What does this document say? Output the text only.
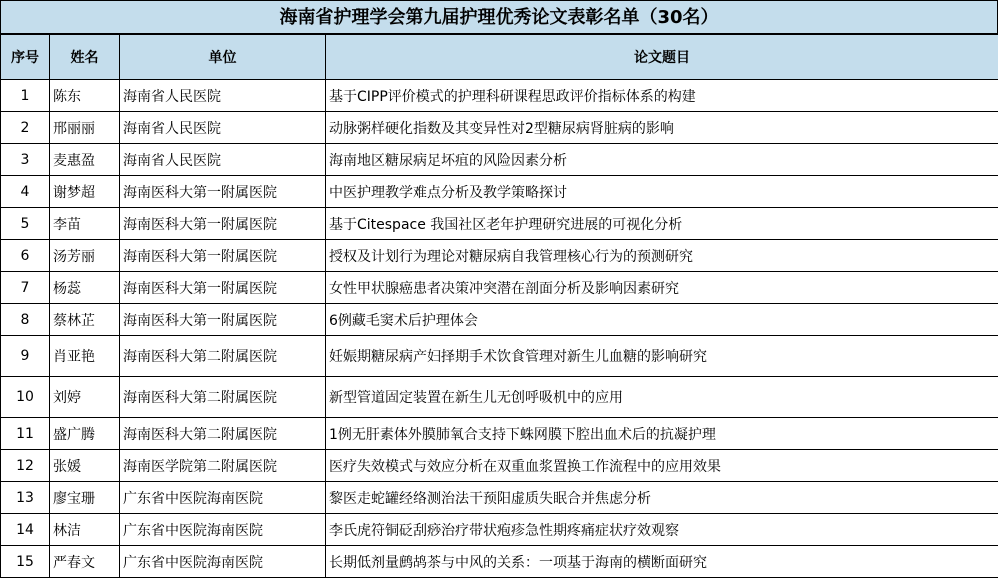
海南省护理学会第九届护理优秀论文表彰名单（30名）
序号	姓名	单位	论文题目
1	陈东	海南省人民医院	基于CIPP评价模式的护理科研课程思政评价指标体系的构建
2	邢丽丽	海南省人民医院	动脉粥样硬化指数及其变异性对2型糖尿病肾脏病的影响
3	麦惠盈	海南省人民医院	海南地区糖尿病足坏疽的风险因素分析
4	谢梦超	海南医科大第一附属医院	中医护理教学难点分析及教学策略探讨
5	李苗	海南医科大第一附属医院	基于Citespace 我国社区老年护理研究进展的可视化分析
6	汤芳丽	海南医科大第一附属医院	授权及计划行为理论对糖尿病自我管理核心行为的预测研究
7	杨蕊	海南医科大第一附属医院	女性甲状腺癌患者决策冲突潜在剖面分析及影响因素研究
8	蔡林芷	海南医科大第一附属医院	6例藏毛窦术后护理体会
9	肖亚艳	海南医科大第二附属医院	妊娠期糖尿病产妇择期手术饮食管理对新生儿血糖的影响研究
10	刘婷	海南医科大第二附属医院	新型管道固定装置在新生儿无创呼吸机中的应用
11	盛广腾	海南医科大第二附属医院	1例无肝素体外膜肺氧合支持下蛛网膜下腔出血术后的抗凝护理
12	张媛	海南医学院第二附属医院	医疗失效模式与效应分析在双重血浆置换工作流程中的应用效果
13	廖宝珊	广东省中医院海南医院	黎医走蛇罐经络测治法干预阳虚质失眠合并焦虑分析
14	林洁	广东省中医院海南医院	李氏虎符铜砭刮痧治疗带状疱疹急性期疼痛症状疗效观察
15	严春文	广东省中医院海南医院	长期低剂量鹧鸪茶与中风的关系：一项基于海南的横断面研究
